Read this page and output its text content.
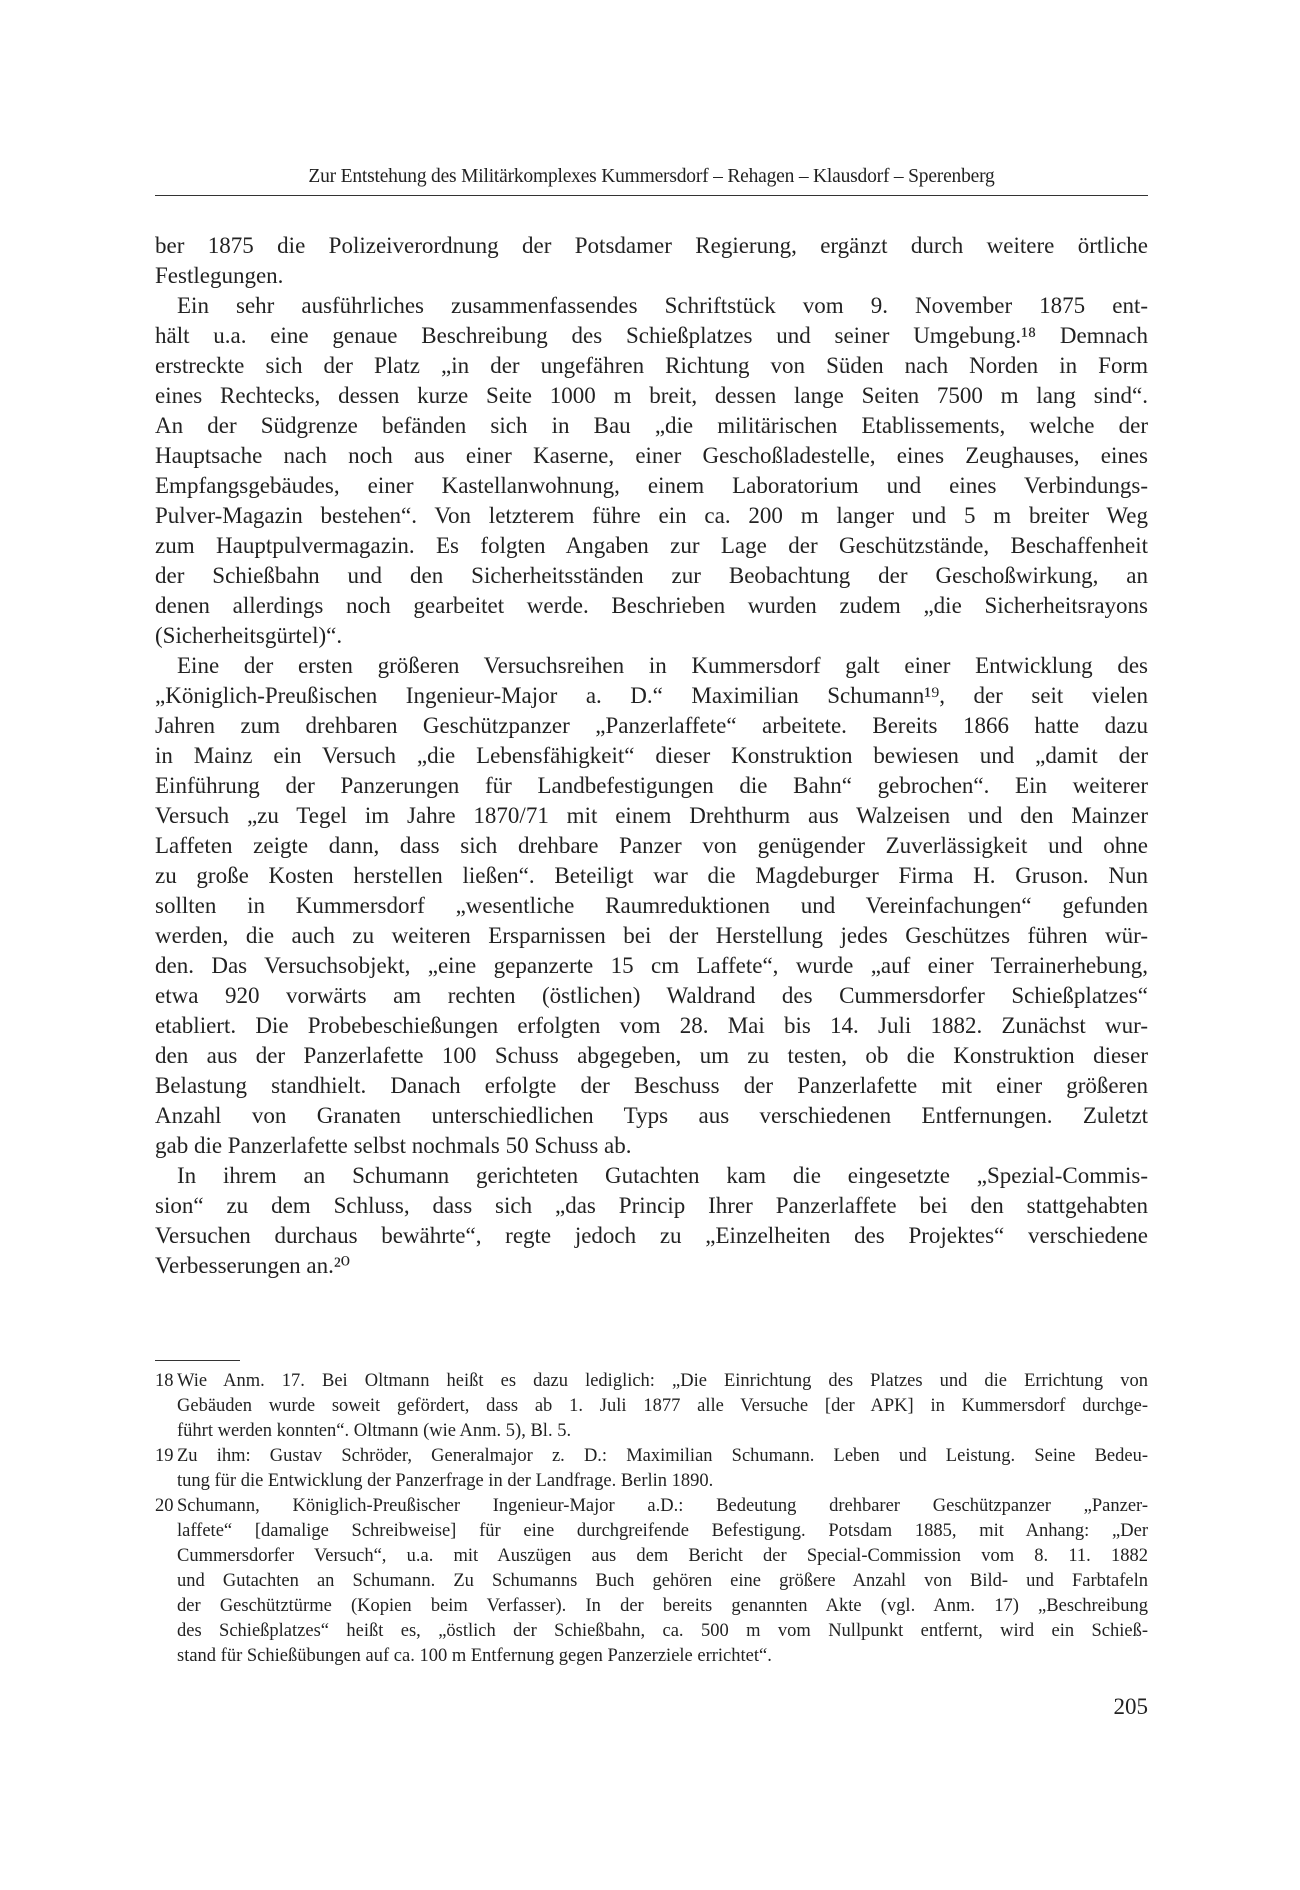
Zur Entstehung des Militärkomplexes Kummersdorf – Rehagen – Klausdorf – Sperenberg
ber 1875 die Polizeiverordnung der Potsdamer Regierung, ergänzt durch weitere örtliche
Festlegungen.
Ein sehr ausführliches zusammenfassendes Schriftstück vom 9. November 1875 ent-
hält u.a. eine genaue Beschreibung des Schießplatzes und seiner Umgebung.¹⁸ Demnach
erstreckte sich der Platz „in der ungefähren Richtung von Süden nach Norden in Form
eines Rechtecks, dessen kurze Seite 1000 m breit, dessen lange Seiten 7500 m lang sind“.
An der Südgrenze befänden sich in Bau „die militärischen Etablissements, welche der
Hauptsache nach noch aus einer Kaserne, einer Geschoßladestelle, eines Zeughauses, eines
Empfangsgebäudes, einer Kastellanwohnung, einem Laboratorium und eines Verbindungs-
Pulver-Magazin bestehen“. Von letzterem führe ein ca. 200 m langer und 5 m breiter Weg
zum Hauptpulvermagazin. Es folgten Angaben zur Lage der Geschützstände, Beschaffenheit
der Schießbahn und den Sicherheitsständen zur Beobachtung der Geschoßwirkung, an
denen allerdings noch gearbeitet werde. Beschrieben wurden zudem „die Sicherheitsrayons
(Sicherheitsgürtel)“.
Eine der ersten größeren Versuchsreihen in Kummersdorf galt einer Entwicklung des
„Königlich-Preußischen Ingenieur-Major a. D.“ Maximilian Schumann¹⁹, der seit vielen
Jahren zum drehbaren Geschützpanzer „Panzerlaffete“ arbeitete. Bereits 1866 hatte dazu
in Mainz ein Versuch „die Lebensfähigkeit“ dieser Konstruktion bewiesen und „damit der
Einführung der Panzerungen für Landbefestigungen die Bahn“ gebrochen“. Ein weiterer
Versuch „zu Tegel im Jahre 1870/71 mit einem Drehthurm aus Walzeisen und den Mainzer
Laffeten zeigte dann, dass sich drehbare Panzer von genügender Zuverlässigkeit und ohne
zu große Kosten herstellen ließen“. Beteiligt war die Magdeburger Firma H. Gruson. Nun
sollten in Kummersdorf „wesentliche Raumreduktionen und Vereinfachungen“ gefunden
werden, die auch zu weiteren Ersparnissen bei der Herstellung jedes Geschützes führen wür-
den. Das Versuchsobjekt, „eine gepanzerte 15 cm Laffete“, wurde „auf einer Terrainerhebung,
etwa 920 vorwärts am rechten (östlichen) Waldrand des Cummersdorfer Schießplatzes“
etabliert. Die Probebeschießungen erfolgten vom 28. Mai bis 14. Juli 1882. Zunächst wur-
den aus der Panzerlafette 100 Schuss abgegeben, um zu testen, ob die Konstruktion dieser
Belastung standhielt. Danach erfolgte der Beschuss der Panzerlafette mit einer größeren
Anzahl von Granaten unterschiedlichen Typs aus verschiedenen Entfernungen. Zuletzt
gab die Panzerlafette selbst nochmals 50 Schuss ab.
In ihrem an Schumann gerichteten Gutachten kam die eingesetzte „Spezial-Commis-
sion“ zu dem Schluss, dass sich „das Princip Ihrer Panzerlaffete bei den stattgehabten
Versuchen durchaus bewährte“, regte jedoch zu „Einzelheiten des Projektes“ verschiedene
Verbesserungen an.²⁰
18 Wie Anm. 17. Bei Oltmann heißt es dazu lediglich: „Die Einrichtung des Platzes und die Errichtung von
Gebäuden wurde soweit gefördert, dass ab 1. Juli 1877 alle Versuche [der APK] in Kummersdorf durchge-
führt werden konnten“. Oltmann (wie Anm. 5), Bl. 5.
19 Zu ihm: Gustav Schröder, Generalmajor z. D.: Maximilian Schumann. Leben und Leistung. Seine Bedeu-
tung für die Entwicklung der Panzerfrage in der Landfrage. Berlin 1890.
20 Schumann, Königlich-Preußischer Ingenieur-Major a.D.: Bedeutung drehbarer Geschützpanzer „Panzer-
laffete“ [damalige Schreibweise] für eine durchgreifende Befestigung. Potsdam 1885, mit Anhang: „Der
Cummersdorfer Versuch“, u.a. mit Auszügen aus dem Bericht der Special-Commission vom 8. 11. 1882
und Gutachten an Schumann. Zu Schumanns Buch gehören eine größere Anzahl von Bild- und Farbtafeln
der Geschütztürme (Kopien beim Verfasser). In der bereits genannten Akte (vgl. Anm. 17) „Beschreibung
des Schießplatzes“ heißt es, „östlich der Schießbahn, ca. 500 m vom Nullpunkt entfernt, wird ein Schieß-
stand für Schießübungen auf ca. 100 m Entfernung gegen Panzerziele errichtet“.
205
